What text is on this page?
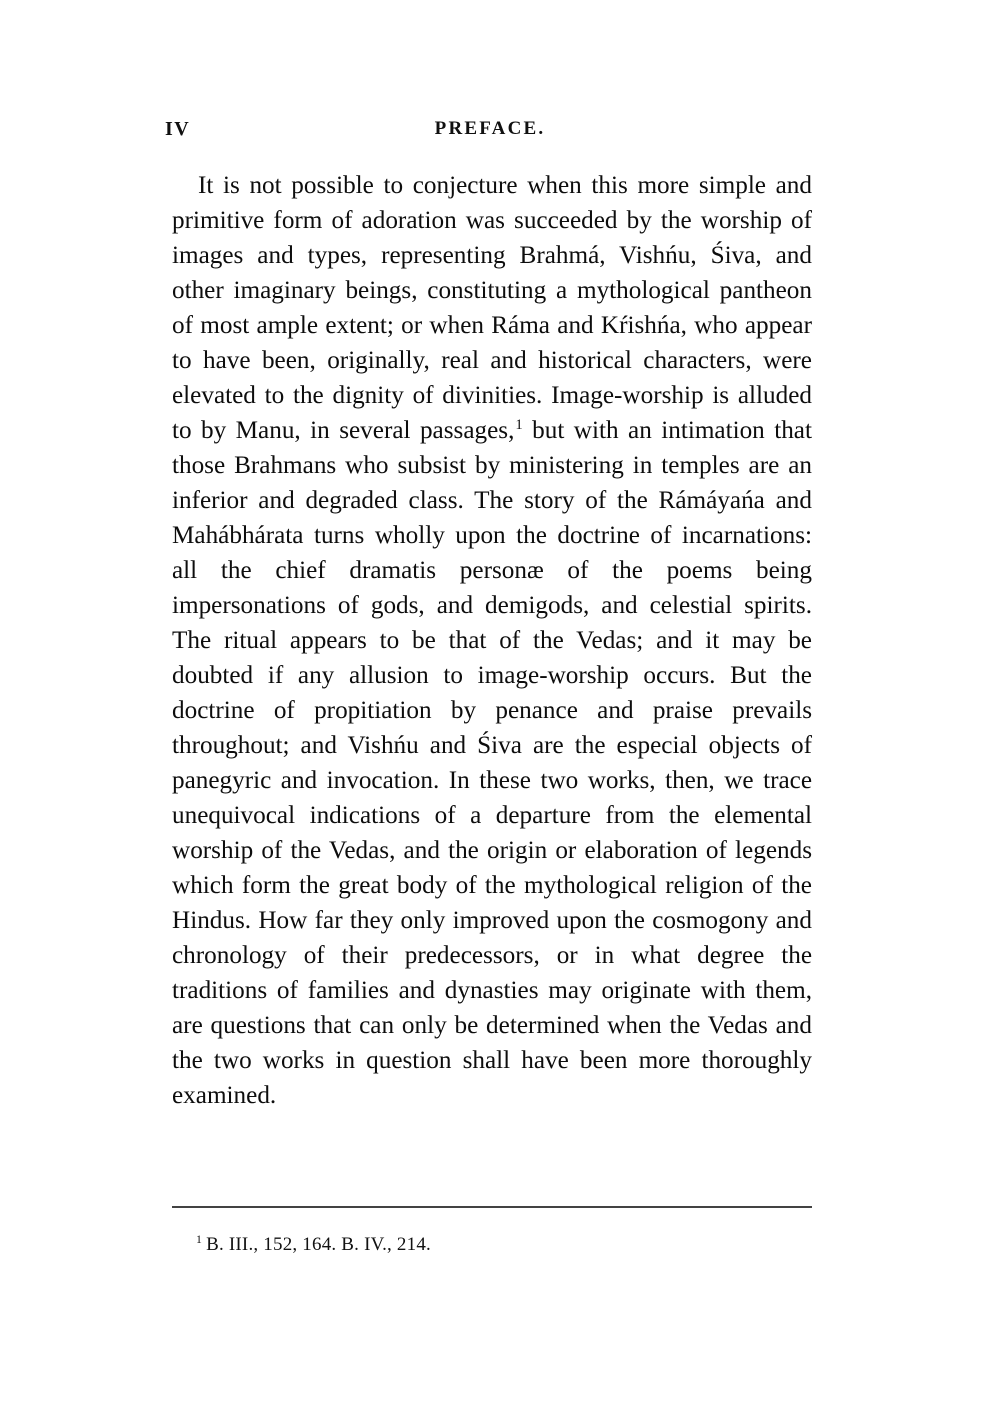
IV	PREFACE.

It is not possible to conjecture when this more simple and primitive form of adoration was succeeded by the worship of images and types, representing Brahmá, Vishńu, Śiva, and other imaginary beings, constituting a mythological pantheon of most ample extent; or when Ráma and Kŕishńa, who appear to have been, originally, real and historical characters, were elevated to the dignity of divinities. Image-worship is alluded to by Manu, in several passages,$^1$ but with an intimation that those Brahmans who subsist by ministering in temples are an inferior and degraded class. The story of the Rámáyańa and Mahábhárata turns wholly upon the doctrine of incarnations: all the chief dramatis personæ of the poems being impersonations of gods, and demigods, and celestial spirits. The ritual appears to be that of the Vedas; and it may be doubted if any allusion to image-worship occurs. But the doctrine of propitiation by penance and praise prevails throughout; and Vishńu and Śiva are the especial objects of panegyric and invocation. In these two works, then, we trace unequivocal indications of a departure from the elemental worship of the Vedas, and the origin or elaboration of legends which form the great body of the mythological religion of the Hindus. How far they only improved upon the cosmogony and chronology of their predecessors, or in what degree the traditions of families and dynasties may originate with them, are questions that can only be determined when the Vedas and the two works in question shall have been more thoroughly examined.

$^1$ B. III., 152, 164. B. IV., 214.
